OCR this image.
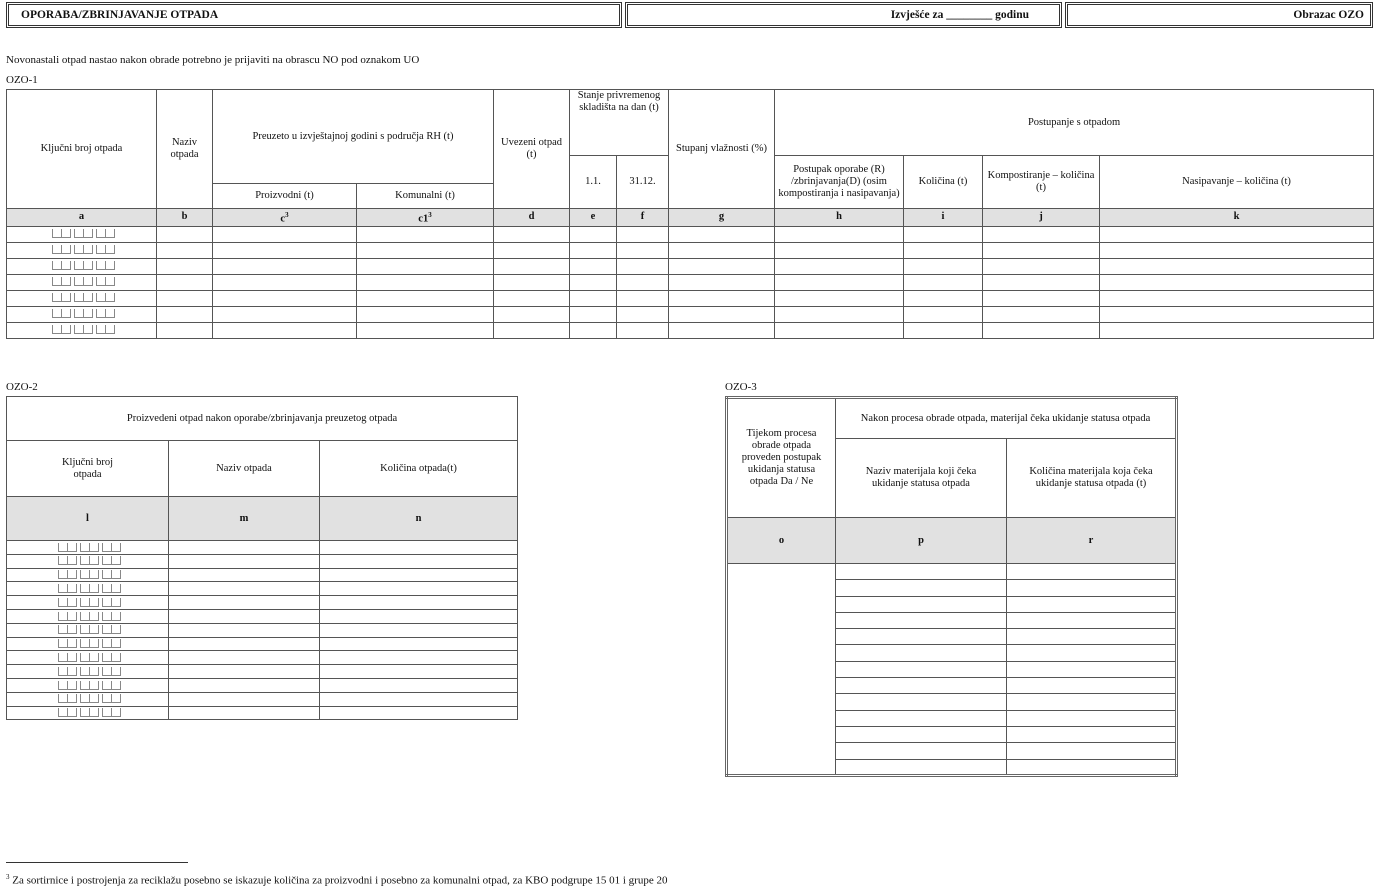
OPORABA/ZBRINJAVANJE OTPADA	Izvješće za ________ godinu	Obrazac OZO
Novonastali otpad nastao nakon obrade potrebno je prijaviti na obrascu NO pod oznakom UO
OZO-1
Ključni broj otpada	Naziv otpada	Preuzeto u izvještajnoj godini s područja RH (t)		Uvezeni otpad (t)	Stanje privremenog skladišta na dan (t)		Stupanj vlažnosti (%)	Postupanje s otpadom			
					1.1.	31.12.		Postupak oporabe (R) /zbrinjavanja(D) (osim kompostiranja i nasipavanja)	Količina (t)	Kompostiranje – količina (t)	Nasipavanje – količina (t)
		Proizvodni (t)	Komunalni (t)								
a	b	$c^3$	$c1^3$	d	e	f	g	h	i	j	k

OZO-2
Proizvedeni otpad nakon oporabe/zbrinjavanja preuzetog otpada		
Ključni broj otpada	Naziv otpada	Količina otpada(t)
l	m	n

OZO-3
Tijekom procesa obrade otpada proveden postupak ukidanja statusa otpada Da / Ne	Nakon procesa obrade otpada, materijal čeka ukidanje statusa otpada	
	Naziv materijala koji čeka ukidanje statusa otpada	Količina materijala koja čeka ukidanje statusa otpada (t)
o	p	r

$^3$ Za sortirnice i postrojenja za reciklažu posebno se iskazuje količina za proizvodni i posebno za komunalni otpad, za KBO podgrupe 15 01 i grupe 20
